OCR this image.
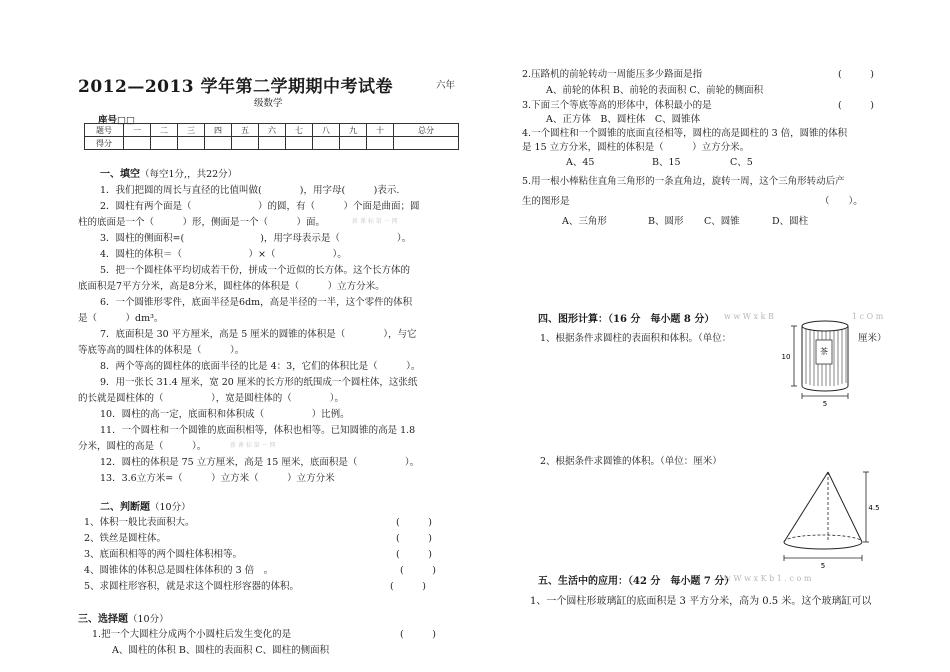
2012—2013 学年第二学期期中考试卷	六年
级数学
座号□□
题号	一	二	三	四	五	六	七	八	九	十	总分
得分											
一、填空（每空1分,，共22分）
1．我们把圆的周长与直径的比值叫做(　　　　)，用字母(　　　)表示.
2．圆柱有两个面是（　　　　　　　）的圆，有（　　　）个面是曲面；圆
柱的底面是一个（　　　）形，侧面是一个（　　　）面。
3．圆柱的侧面积=(　　　　　　　　)，用字母表示是（　　　　　　）。
4．圆柱的体积＝（　　　　　　　）×（　　　　　　）。
5．把一个圆柱体平均切成若干份，拼成一个近似的长方体。这个长方体的
底面积是7平方分米，高是8分米，圆柱体的体积是（　　　）立方分米。
6．一个圆锥形零件，底面半径是6dm，高是半径的一半，这个零件的体积
是（　　　）dm³。
7．底面积是 30 平方厘米，高是 5 厘米的圆锥的体积是（　　　　），与它
等底等高的圆柱体的体积是（　　　）。
8．两个等高的圆柱体的底面半径的比是 4：3，它们的体积比是（　　　）。
9．用一张长 31.4 厘米，宽 20 厘米的长方形的纸围成一个圆柱体，这张纸
的长就是圆柱体的（　　　　　），宽是圆柱体的（　　　　）。
10．圆柱的高一定，底面积和体积成（　　　　　）比例。
11．一个圆柱和一个圆锥的底面积相等，体积也相等。已知圆锥的高是 1.8
分米，圆柱的高是（　　　）。
12．圆柱的体积是 75 立方厘米，高是 15 厘米，底面积是（　　　　　）。
13．3.6立方米=（　　　）立方米（　　　）立方分米
新 课 标 第 一 网
新 课 标 第 一 网
二、判断题（10分）
1、体积一般比表面积大。	(　　　)
2、铁丝是圆柱体。	(　　　)
3、底面积相等的两个圆柱体积相等。	(　　　)
4、圆锥体的体积总是圆柱体体积的 3 倍　。	(　　　)
5、求圆柱形容积，就是求这个圆柱形容器的体积。	(　　　)
三、选择题（10分）
1.把一个大圆柱分成两个小圆柱后发生变化的是	(　　　)
A、圆柱的体积 B、圆柱的表面积 C、圆柱的侧面积
2.压路机的前轮转动一周能压多少路面是指	(　　　)
A、前轮的体积 B、前轮的表面积 C、前轮的侧面积
3.下面三个等底等高的形体中，体积最小的是	(　　　)
A、正方体　B、圆柱体　C、圆锥体
4.一个圆柱和一个圆锥的底面直径相等，圆柱的高是圆柱的 3 倍，圆锥的体积
是 15 立方分米，圆柱的体积是（　　　）立方分米。
A、45	B、15	C、5
5.用一根小棒粘住直角三角形的一条直角边，旋转一周，这个三角形转动后产
生的图形是	（　　）。
A、三角形	B、圆形 C、圆锥	D、圆柱
四、图形计算：（16 分　每小题 8 分） w w W x k B	1 c O m
1、根据条件求圆柱的表面积和体积。（单位：	厘米）
茶
10
5
2、根据条件求圆锥的体积。（单位：厘米）
4.5
5
五、生活中的应用：（42 分　每小题 7 分）
w W w x K b 1 . c o m
1、一个圆柱形玻璃缸的底面积是 3 平方分米，高为 0.5 米。这个玻璃缸可以
